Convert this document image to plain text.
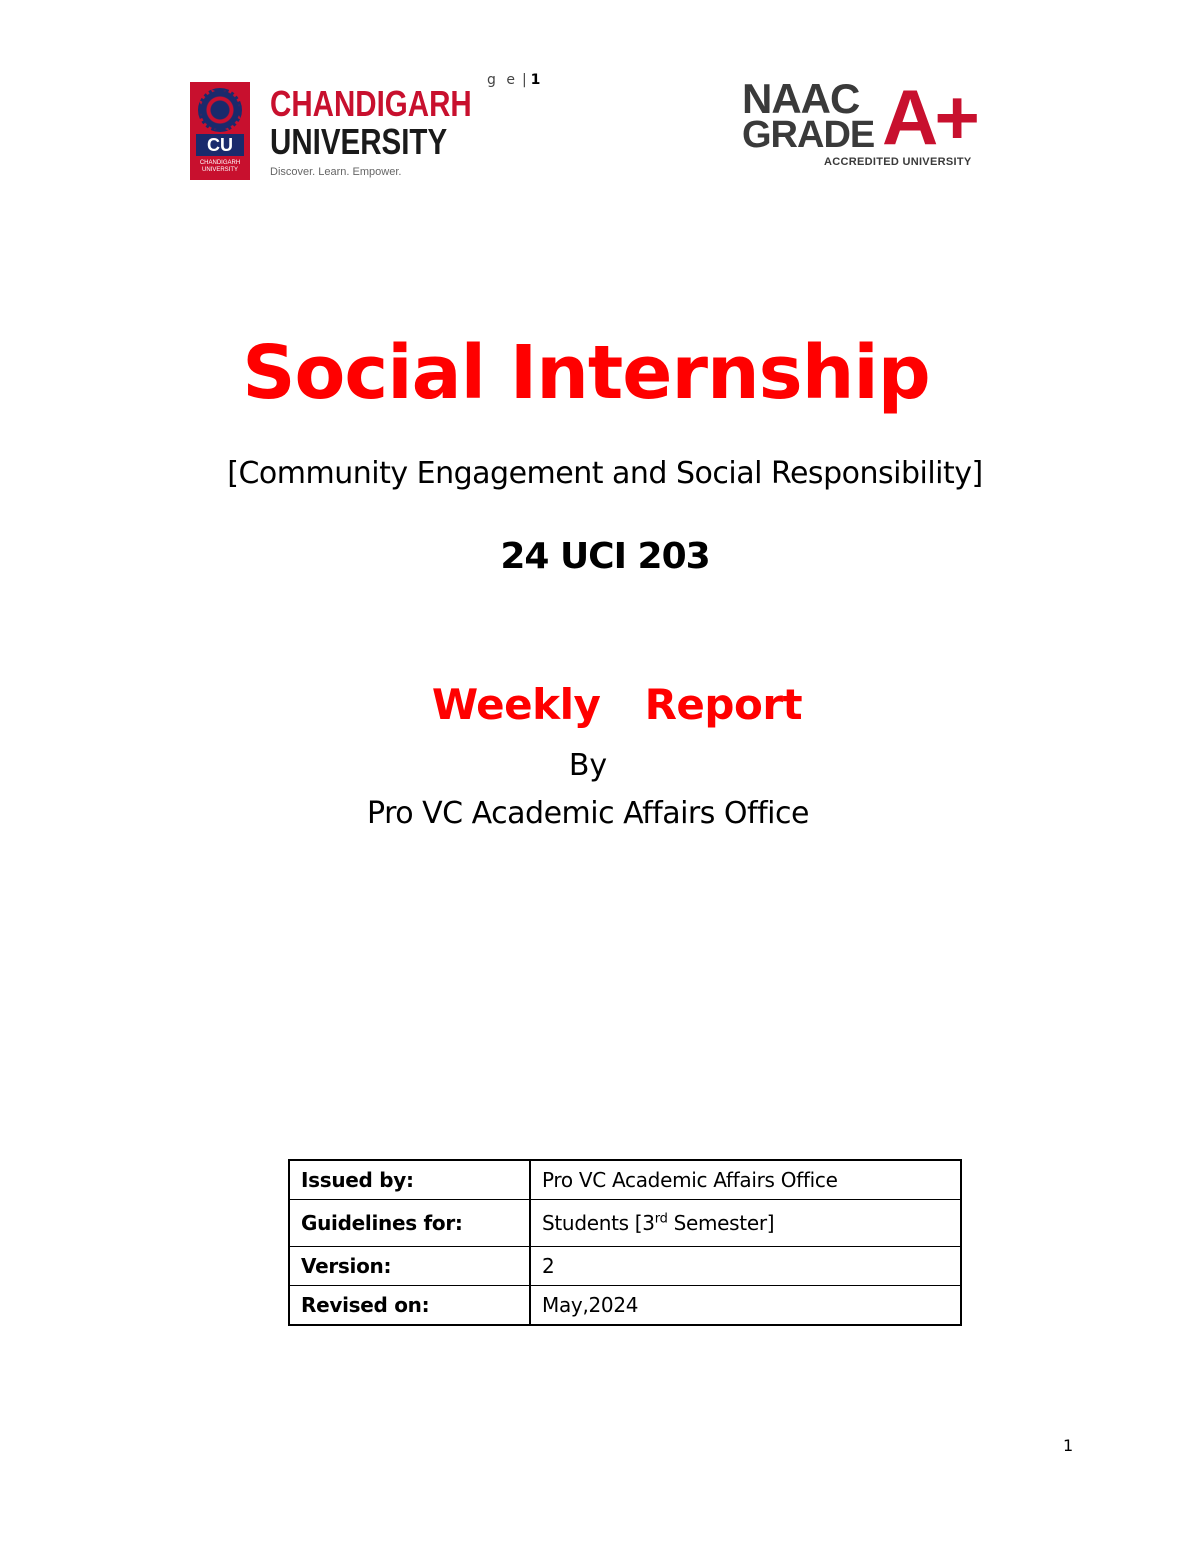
g e | 1
CU
CHANDIGARH UNIVERSITY
CHANDIGARH
UNIVERSITY
Discover. Learn. Empower.
NAAC
GRADE A+
ACCREDITED UNIVERSITY
Social Internship
[Community Engagement and Social Responsibility]
24 UCI 203
Weekly  Report
By
Pro VC Academic Affairs Office
Issued by:	Pro VC Academic Affairs Office
Guidelines for:	Students [3rd Semester]
Version:	2
Revised on:	May,2024
1
